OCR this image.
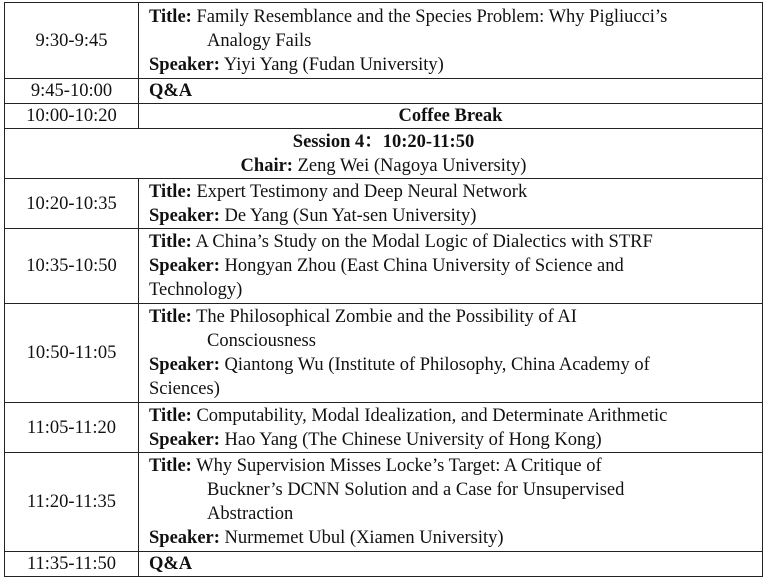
9:30-9:45	Title: Family Resemblance and the Species Problem: Why Pigliucci’s
Analogy Fails
Speaker: Yiyi Yang (Fudan University)

9:45-10:00	Q&A
10:00-10:20	Coffee Break

Session 4：10:20-11:50
Chair: Zeng Wei (Nagoya University)	

10:20-10:35	Title: Expert Testimony and Deep Neural Network
Speaker: De Yang (Sun Yat-sen University)

10:35-10:50	Title: A China’s Study on the Modal Logic of Dialectics with STRF
Speaker: Hongyan Zhou (East China University of Science and
Technology)

10:50-11:05	Title: The Philosophical Zombie and the Possibility of AI
Consciousness
Speaker: Qiantong Wu (Institute of Philosophy, China Academy of
Sciences)

11:05-11:20	Title: Computability, Modal Idealization, and Determinate Arithmetic
Speaker: Hao Yang (The Chinese University of Hong Kong)

11:20-11:35	Title: Why Supervision Misses Locke’s Target: A Critique of
Buckner’s DCNN Solution and a Case for Unsupervised
Abstraction
Speaker: Nurmemet Ubul (Xiamen University)

11:35-11:50	Q&A
